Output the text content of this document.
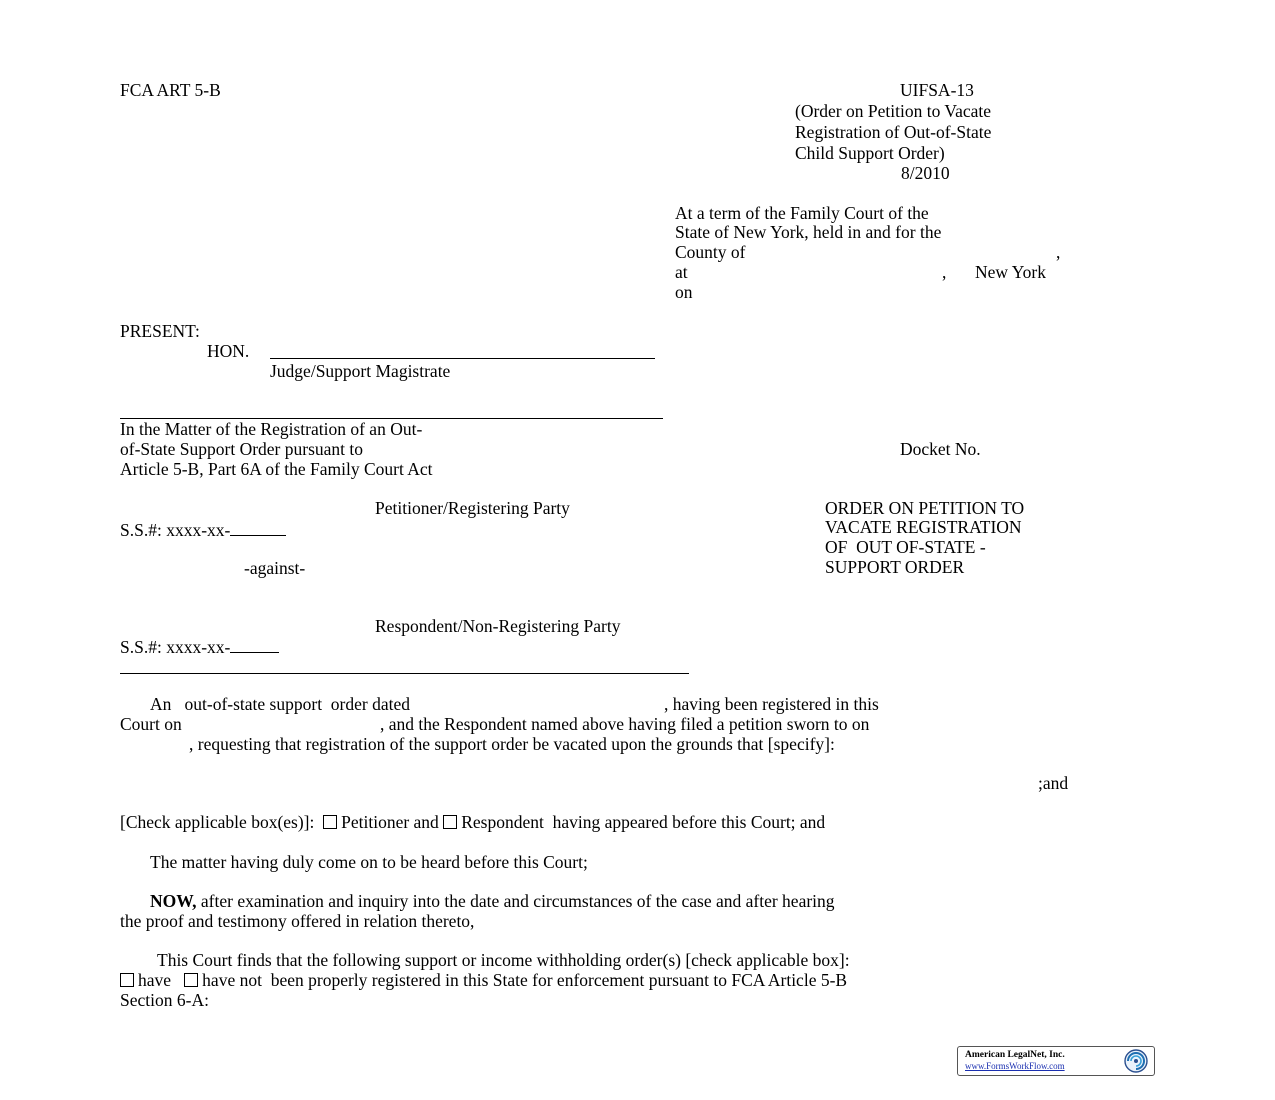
FCA ART 5-B	UIFSA-13
(Order on Petition to Vacate
Registration of Out-of-State
Child Support Order)
8/2010
At a term of the Family Court of the
State of New York, held in and for the
County of	,
at	, New York
on
PRESENT:
HON.
Judge/Support Magistrate
In the Matter of the Registration of an Out-
of-State Support Order pursuant to
Article 5-B, Part 6A of the Family Court Act
Docket No.
Petitioner/Registering Party
S.S.#: xxxx-xx-
-against-
ORDER ON PETITION TO
VACATE REGISTRATION
OF  OUT OF-STATE -
SUPPORT ORDER
Respondent/Non-Registering Party
S.S.#: xxxx-xx-
An   out-of-state support  order dated	, having been registered in this
Court on	, and the Respondent named above having filed a petition sworn to on
, requesting that registration of the support order be vacated upon the grounds that [specify]:
;and
[Check applicable box(es)]: Petitioner and Respondent  having appeared before this Court; and
The matter having duly come on to be heard before this Court;
NOW, after examination and inquiry into the date and circumstances of the case and after hearing
the proof and testimony offered in relation thereto,
This Court finds that the following support or income withholding order(s) [check applicable box]:
have have not been properly registered in this State for enforcement pursuant to FCA Article 5-B
Section 6-A:
American LegalNet, Inc.
www.FormsWorkFlow.com
